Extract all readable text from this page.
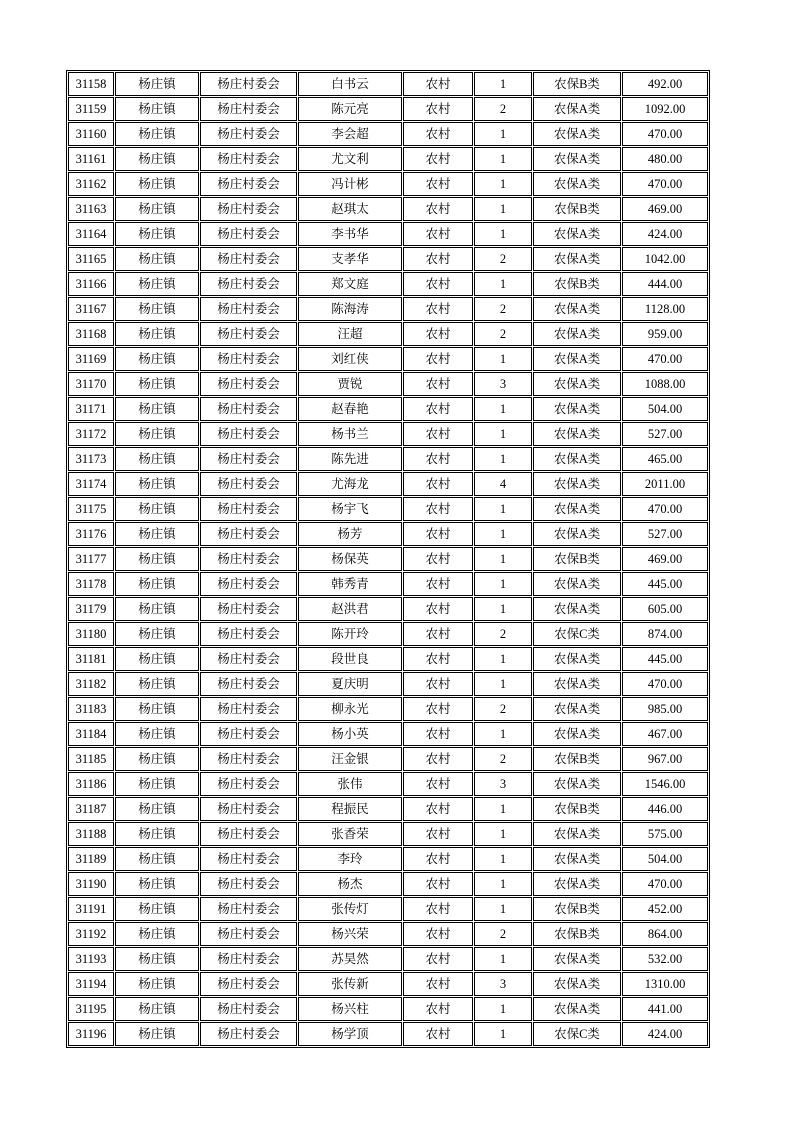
31158	杨庄镇	杨庄村委会	白书云	农村	1	农保B类	492.00
31159	杨庄镇	杨庄村委会	陈元亮	农村	2	农保A类	1092.00
31160	杨庄镇	杨庄村委会	李会超	农村	1	农保A类	470.00
31161	杨庄镇	杨庄村委会	尤文利	农村	1	农保A类	480.00
31162	杨庄镇	杨庄村委会	冯计彬	农村	1	农保A类	470.00
31163	杨庄镇	杨庄村委会	赵琪太	农村	1	农保B类	469.00
31164	杨庄镇	杨庄村委会	李书华	农村	1	农保A类	424.00
31165	杨庄镇	杨庄村委会	支孝华	农村	2	农保A类	1042.00
31166	杨庄镇	杨庄村委会	郑文庭	农村	1	农保B类	444.00
31167	杨庄镇	杨庄村委会	陈海涛	农村	2	农保A类	1128.00
31168	杨庄镇	杨庄村委会	汪超	农村	2	农保A类	959.00
31169	杨庄镇	杨庄村委会	刘红侠	农村	1	农保A类	470.00
31170	杨庄镇	杨庄村委会	贾锐	农村	3	农保A类	1088.00
31171	杨庄镇	杨庄村委会	赵春艳	农村	1	农保A类	504.00
31172	杨庄镇	杨庄村委会	杨书兰	农村	1	农保A类	527.00
31173	杨庄镇	杨庄村委会	陈先进	农村	1	农保A类	465.00
31174	杨庄镇	杨庄村委会	尤海龙	农村	4	农保A类	2011.00
31175	杨庄镇	杨庄村委会	杨宇飞	农村	1	农保A类	470.00
31176	杨庄镇	杨庄村委会	杨芳	农村	1	农保A类	527.00
31177	杨庄镇	杨庄村委会	杨保英	农村	1	农保B类	469.00
31178	杨庄镇	杨庄村委会	韩秀青	农村	1	农保A类	445.00
31179	杨庄镇	杨庄村委会	赵洪君	农村	1	农保A类	605.00
31180	杨庄镇	杨庄村委会	陈开玲	农村	2	农保C类	874.00
31181	杨庄镇	杨庄村委会	段世良	农村	1	农保A类	445.00
31182	杨庄镇	杨庄村委会	夏庆明	农村	1	农保A类	470.00
31183	杨庄镇	杨庄村委会	柳永光	农村	2	农保A类	985.00
31184	杨庄镇	杨庄村委会	杨小英	农村	1	农保A类	467.00
31185	杨庄镇	杨庄村委会	汪金银	农村	2	农保B类	967.00
31186	杨庄镇	杨庄村委会	张伟	农村	3	农保A类	1546.00
31187	杨庄镇	杨庄村委会	程振民	农村	1	农保B类	446.00
31188	杨庄镇	杨庄村委会	张香荣	农村	1	农保A类	575.00
31189	杨庄镇	杨庄村委会	李玲	农村	1	农保A类	504.00
31190	杨庄镇	杨庄村委会	杨杰	农村	1	农保A类	470.00
31191	杨庄镇	杨庄村委会	张传灯	农村	1	农保B类	452.00
31192	杨庄镇	杨庄村委会	杨兴荣	农村	2	农保B类	864.00
31193	杨庄镇	杨庄村委会	苏昊然	农村	1	农保A类	532.00
31194	杨庄镇	杨庄村委会	张传新	农村	3	农保A类	1310.00
31195	杨庄镇	杨庄村委会	杨兴柱	农村	1	农保A类	441.00
31196	杨庄镇	杨庄村委会	杨学顶	农村	1	农保C类	424.00
